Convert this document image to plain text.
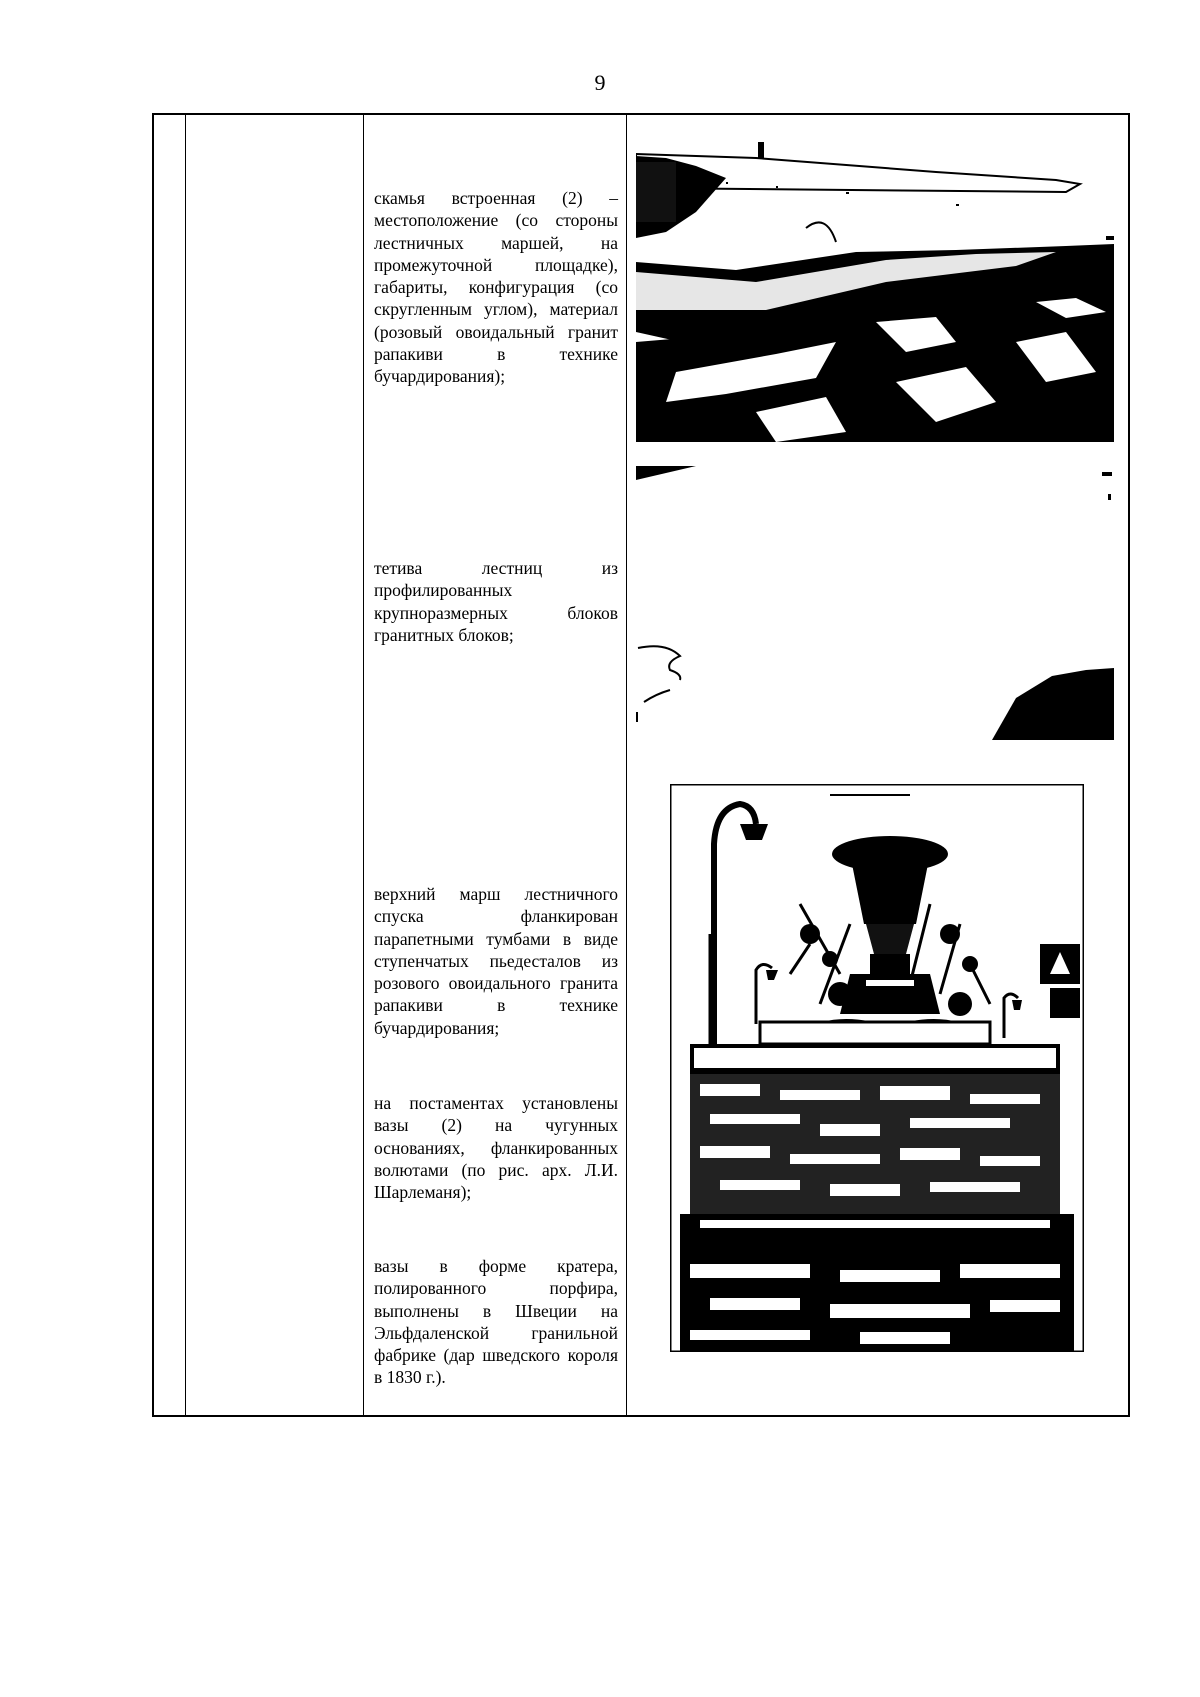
9
скамья встроенная (2) – местоположение (со стороны лестничных маршей, на промежуточной площадке), габариты, конфигурация (со скругленным углом), материал (розовый овоидальный гранит рапакиви в технике бучардирования);
тетива лестниц из профилированных крупноразмерных блоков гранитных блоков;
верхний марш лестничного спуска фланкирован парапетными тумбами в виде ступенчатых пьедесталов из розового овоидального гранита рапакиви в технике бучардирования;
на постаментах установлены вазы (2) на чугунных основаниях, фланкированных волютами (по рис. арх. Л.И. Шарлеманя);
вазы в форме кратера, полированного порфира, выполнены в Швеции на Эльфдаленской гранильной фабрике (дар шведского короля в 1830 г.).
